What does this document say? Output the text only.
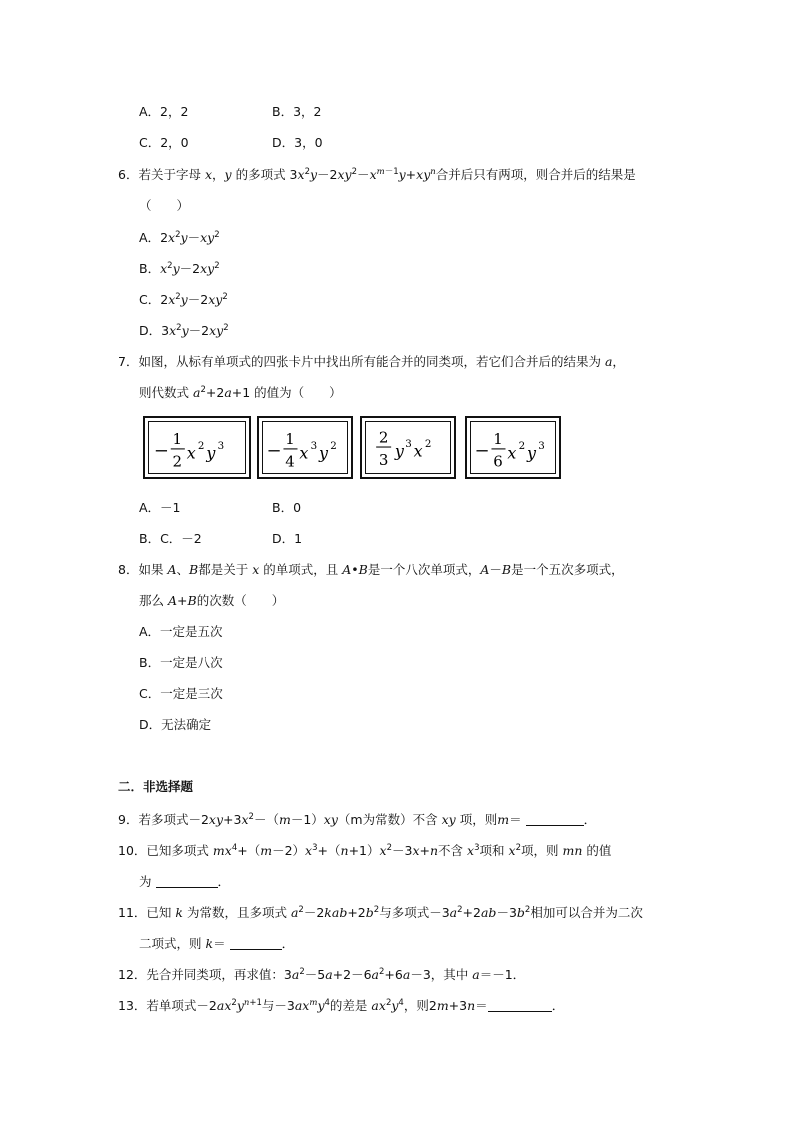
A．2，2	B．3，2
C．2，0	D．3，0
6．若关于字母 x，y 的多项式 $3x^2y-2xy^2-x^{m-1}y+xy^n$合并后只有两项，则合并后的结果是
（　　）
A．$2x^2y-xy^2$
B．$x^2y-2xy^2$
C．$2x^2y-2xy^2$
D．$3x^2y-2xy^2$
7．如图，从标有单项式的四张卡片中找出所有能合并的同类项，若它们合并后的结果为 a，
则代数式 $a^2+2a+1$ 的值为（　　）
1
2 x 2 y 3	1
4 x 3 y 2	2
3 y 3 x 2	1
6 x 2 y 3
A．－1	B．0
B．C．－2	D．1
8．如果 A、B都是关于 x 的单项式，且 A•B是一个八次单项式，A－B是一个五次多项式，
那么 A+B的次数（　　）
A．一定是五次
B．一定是八次
C．一定是三次
D．无法确定
二．非选择题
9．若多项式$-2xy+3x^2-(m-1)xy(m$为常数）不含 xy 项，则m＝	．
10．已知多项式 $mx^4+(m-2)x^3+(n+1)x^2-3x+n$不含 $x^3$项和 $x^2$项，则 mn 的值
为	．
11．已知 k 为常数，且多项式 $a^2-2kab+2b^2$与多项式$-3a^2+2ab-3b^2$相加可以合并为二次
二项式，则 k＝	．
12．先合并同类项，再求值：$3a^2-5a+2-6a^2+6a-3$，其中 a＝－1．
13．若单项式$-2ax^2y^{n+1}$与$-3ax^my^4$的差是 $ax^2y^4$，则2m+3n＝	．
